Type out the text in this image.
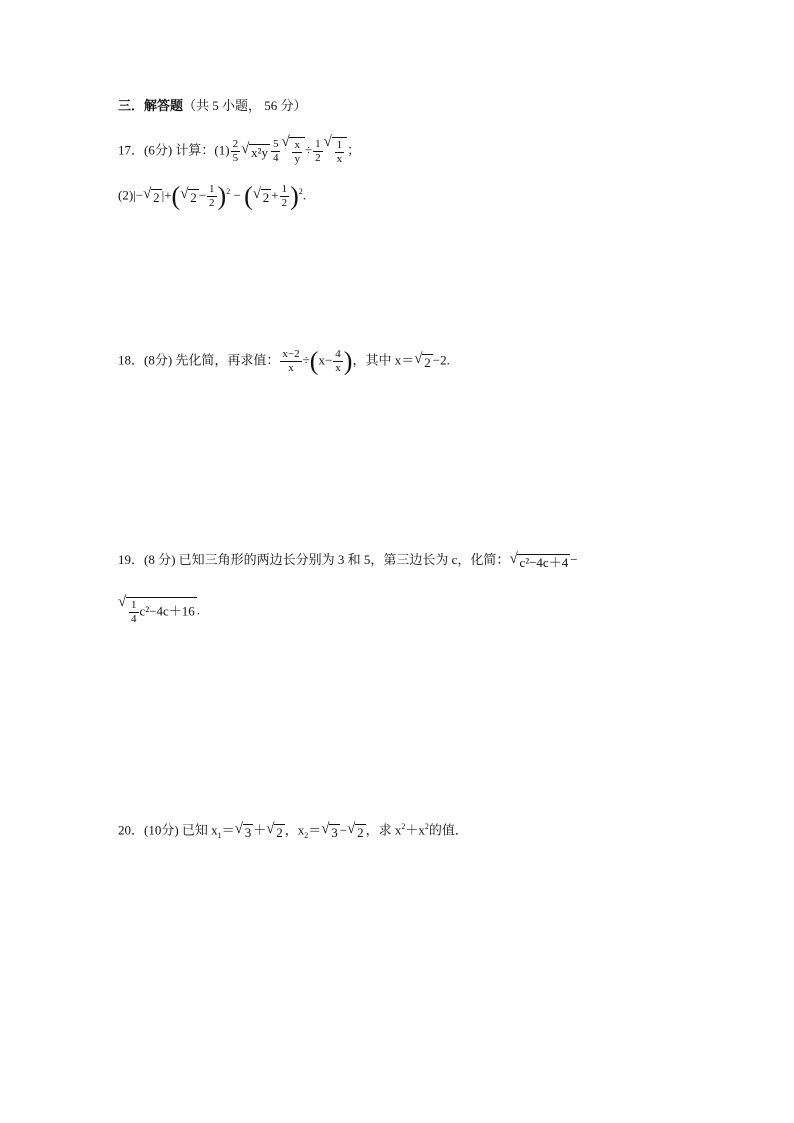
三．解答题（共 5 小题， 56 分）
17．(6分) 计算：$(1) \frac{2}{5}$ √ $x^2y \frac{5}{4}$ √ $\frac{x}{y} \div \frac{1}{2}$ √ $\frac{1}{x}$ ；
(2)|− √ 2 |+( √ $2 - \frac{1}{2} )^2$ − ( √ $2 + \frac{1}{2} )^2$.
18．(8分) 先化简，再求值： $\frac{x-2}{x} \div(x- \frac{4}{x}$ )，其中 x＝ √ 2 −2.
19．(8 分) 已知三角形的两边长分别为 3 和 5，第三边长为 c，化简： √ c²−4c＋4 −
√ $\frac{1}{4} c^2-4c+16$ .
20．(10分) 已知 $x_1=$ √ 3 ＋ √ 2 ，$x_2=$ √ 3 − √ 2 ，求 $x^2+x^2$的值．
